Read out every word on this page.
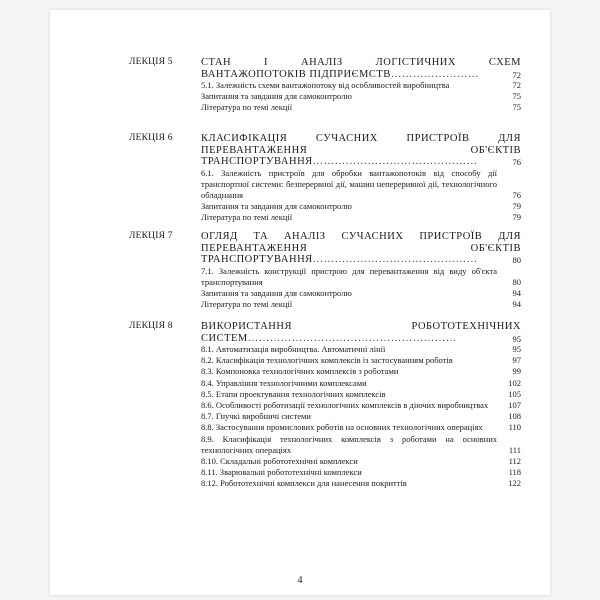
ЛЕКЦІЯ 5	СТАН І АНАЛІЗ ЛОГІСТИЧНИХ СХЕМ
ВАНТАЖОПОТОКІВ ПІДПРИЄМСТВ……………………	72
5.1. Залежність схеми вантажопотоку від особливостей виробництва	72
Запитання та завдання для самоконтролю	75
Література по темі лекції	75
ЛЕКЦІЯ 6	КЛАСИФІКАЦІЯ СУЧАСНИХ ПРИСТРОЇВ ДЛЯ
ПЕРЕВАНТАЖЕННЯ ОБ'ЄКТІВ
ТРАНСПОРТУВАННЯ………………………………………	76
6.1. Залежність пристроїв для обробки вантажопотоків від способу дії транспортної системи: безперервної дії, машин непереривної дії, технологічного обладнання	76
Запитання та завдання для самоконтролю	79
Література по темі лекції	79
ЛЕКЦІЯ 7	ОГЛЯД ТА АНАЛІЗ СУЧАСНИХ ПРИСТРОЇВ ДЛЯ
ПЕРЕВАНТАЖЕННЯ ОБ'ЄКТІВ
ТРАНСПОРТУВАННЯ………………………………………	80
7.1. Залежність конструкції пристрою для перевантаження від виду об'єкта транспортування	80
Запитання та завдання для самоконтролю	94
Література по темі лекції	94
ЛЕКЦІЯ 8	ВИКОРИСТАННЯ РОБОТОТЕХНІЧНИХ
СИСТЕМ…………………………………………………	95
8.1. Автоматизація виробництва. Автоматичні лінії	95
8.2. Класифікація технологічних комплексів із застосуванням роботів	97
8.3. Компоновка технологічних комплексів з роботами	99
8.4. Управління технологічними комплексами	102
8.5. Етапи проектування технологічних комплексів	105
8.6. Особливості роботизації технологічних комплексів в діючих виробництвах	107
8.7. Гнучкі виробничі системи	108
8.8. Застосування промислових роботів на основних технологічних операціях	110
8.9. Класифікація технологічних комплексів з роботами на основних технологічних операціях	111
8.10. Складальні робототехнічні комплекси	112
8.11. Зварювальні робототехнічні комплекси	118
8.12. Робототехнічні комплекси для нанесення покриттів	122
4
